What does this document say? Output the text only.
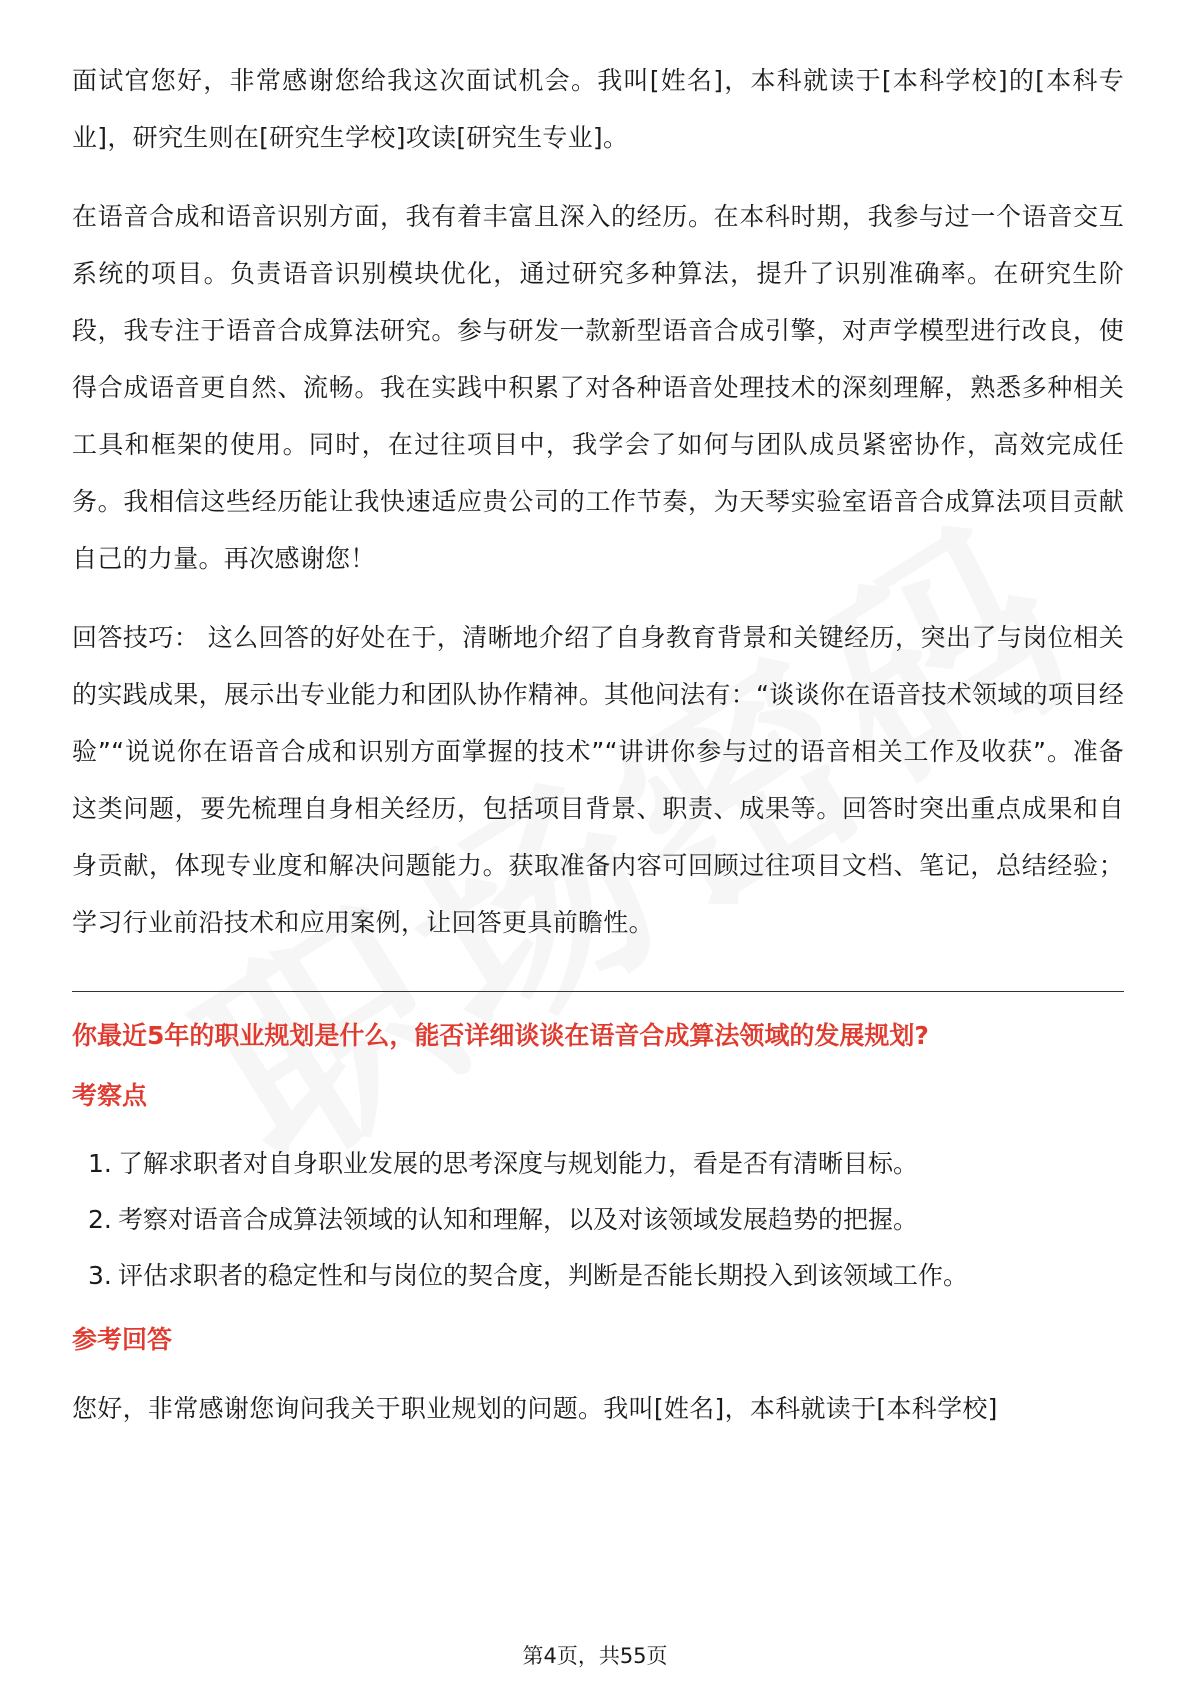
面试官您好，非常感谢您给我这次面试机会。我叫[姓名]，本科就读于[本科学校]的[本科专业]，研究生则在[研究生学校]攻读[研究生专业]。

在语音合成和语音识别方面，我有着丰富且深入的经历。在本科时期，我参与过一个语音交互系统的项目。负责语音识别模块优化，通过研究多种算法，提升了识别准确率。在研究生阶段，我专注于语音合成算法研究。参与研发一款新型语音合成引擎，对声学模型进行改良，使得合成语音更自然、流畅。我在实践中积累了对各种语音处理技术的深刻理解，熟悉多种相关工具和框架的使用。同时，在过往项目中，我学会了如何与团队成员紧密协作，高效完成任务。我相信这些经历能让我快速适应贵公司的工作节奏，为天琴实验室语音合成算法项目贡献自己的力量。再次感谢您！

回答技巧： 这么回答的好处在于，清晰地介绍了自身教育背景和关键经历，突出了与岗位相关的实践成果，展示出专业能力和团队协作精神。其他问法有：“谈谈你在语音技术领域的项目经验”“说说你在语音合成和识别方面掌握的技术”“讲讲你参与过的语音相关工作及收获”。准备这类问题，要先梳理自身相关经历，包括项目背景、职责、成果等。回答时突出重点成果和自身贡献，体现专业度和解决问题能力。获取准备内容可回顾过往项目文档、笔记，总结经验；学习行业前沿技术和应用案例，让回答更具前瞻性。

你最近5年的职业规划是什么，能否详细谈谈在语音合成算法领域的发展规划?
考察点
1. 了解求职者对自身职业发展的思考深度与规划能力，看是否有清晰目标。
2. 考察对语音合成算法领域的认知和理解，以及对该领域发展趋势的把握。
3. 评估求职者的稳定性和与岗位的契合度，判断是否能长期投入到该领域工作。
参考回答

您好，非常感谢您询问我关于职业规划的问题。我叫[姓名]，本科就读于[本科学校]

第4页，共55页
